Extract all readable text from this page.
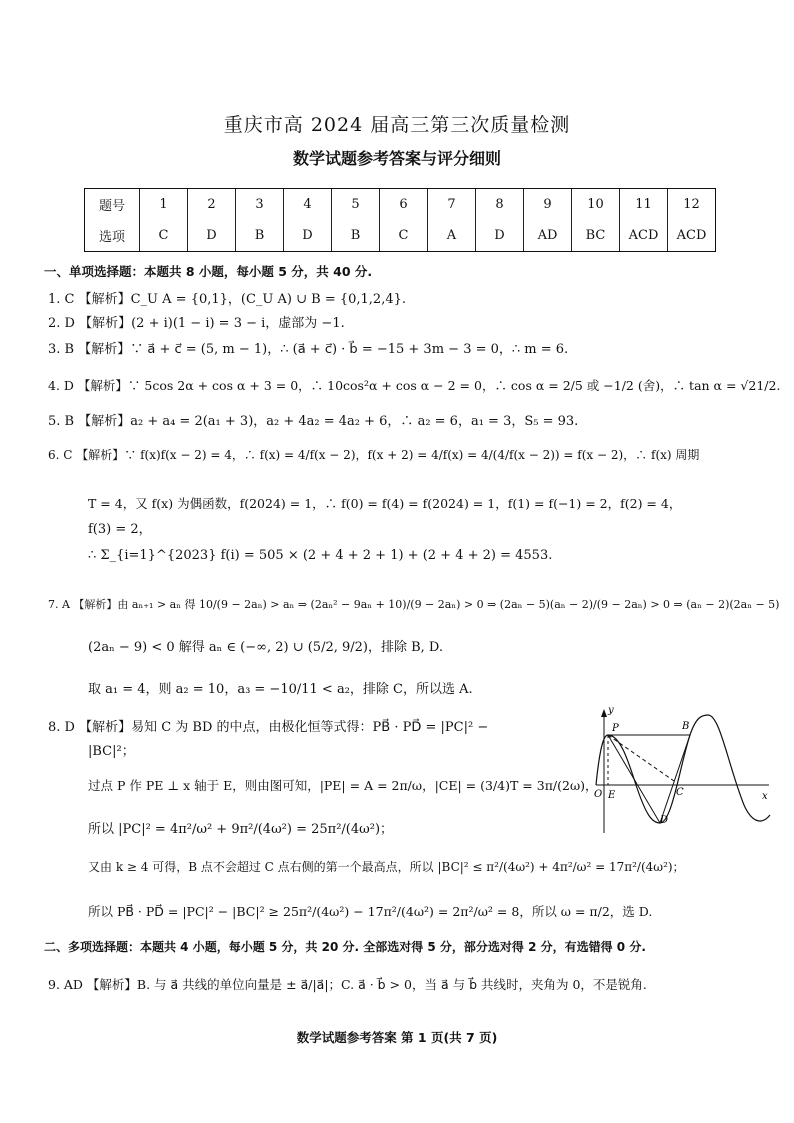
重庆市高 2024 届高三第三次质量检测
数学试题参考答案与评分细则
题号	1	2	3	4	5	6	7	8	9	10	11	12
选项	C	D	B	D	B	C	A	D	AD	BC	ACD	ACD
一、单项选择题：本题共 8 小题，每小题 5 分，共 40 分.
1. C 【解析】C_U A = {0,1}，(C_U A) ∪ B = {0,1,2,4}.
2. D 【解析】(2 + i)(1 − i) = 3 − i，虚部为 −1.
3. B 【解析】∵ a⃗ + c⃗ = (5, m − 1)，∴ (a⃗ + c⃗) · b⃗ = −15 + 3m − 3 = 0，∴ m = 6.
4. D 【解析】∵ 5cos 2α + cos α + 3 = 0，∴ 10cos²α + cos α − 2 = 0，∴ cos α = 2/5 或 −1/2 (舍)，∴ tan α = √21/2.
5. B 【解析】a₂ + a₄ = 2(a₁ + 3)，a₂ + 4a₂ = 4a₂ + 6，∴ a₂ = 6，a₁ = 3，S₅ = 93.
6. C 【解析】∵ f(x)f(x − 2) = 4，∴ f(x) = 4/f(x − 2)，f(x + 2) = 4/f(x) = 4/(4/f(x − 2)) = f(x − 2)，∴ f(x) 周期
T = 4，又 f(x) 为偶函数，f(2024) = 1，∴ f(0) = f(4) = f(2024) = 1，f(1) = f(−1) = 2，f(2) = 4，
f(3) = 2，
∴ Σ_{i=1}^{2023} f(i) = 505 × (2 + 4 + 2 + 1) + (2 + 4 + 2) = 4553.
7. A 【解析】由 aₙ₊₁ > aₙ 得 10/(9 − 2aₙ) > aₙ ⇒ (2aₙ² − 9aₙ + 10)/(9 − 2aₙ) > 0 ⇒ (2aₙ − 5)(aₙ − 2)/(9 − 2aₙ) > 0 ⇒ (aₙ − 2)(2aₙ − 5)
(2aₙ − 9) < 0 解得 aₙ ∈ (−∞, 2) ∪ (5/2, 9/2)，排除 B, D.
取 a₁ = 4，则 a₂ = 10，a₃ = −10/11 < a₂，排除 C，所以选 A.
8. D 【解析】易知 C 为 BD 的中点，由极化恒等式得：PB⃗ · PD⃗ = |PC|² −
|BC|²；
过点 P 作 PE ⊥ x 轴于 E，则由图可知，|PE| = A = 2π/ω，|CE| = (3/4)T = 3π/(2ω)，
所以 |PC|² = 4π²/ω² + 9π²/(4ω²) = 25π²/(4ω²)；
又由 k ≥ 4 可得，B 点不会超过 C 点右侧的第一个最高点，所以 |BC|² ≤ π²/(4ω²) + 4π²/ω² = 17π²/(4ω²)；
所以 PB⃗ · PD⃗ = |PC|² − |BC|² ≥ 25π²/(4ω²) − 17π²/(4ω²) = 2π²/ω² = 8，所以 ω = π/2，选 D.
二、多项选择题：本题共 4 小题，每小题 5 分，共 20 分. 全部选对得 5 分，部分选对得 2 分，有选错得 0 分.
9. AD 【解析】B. 与 a⃗ 共线的单位向量是 ± a⃗/|a⃗|；C. a⃗ · b⃗ > 0，当 a⃗ 与 b⃗ 共线时，夹角为 0，不是锐角.
y
x
O
P	B
E	C
D
数学试题参考答案 第 1 页(共 7 页)
